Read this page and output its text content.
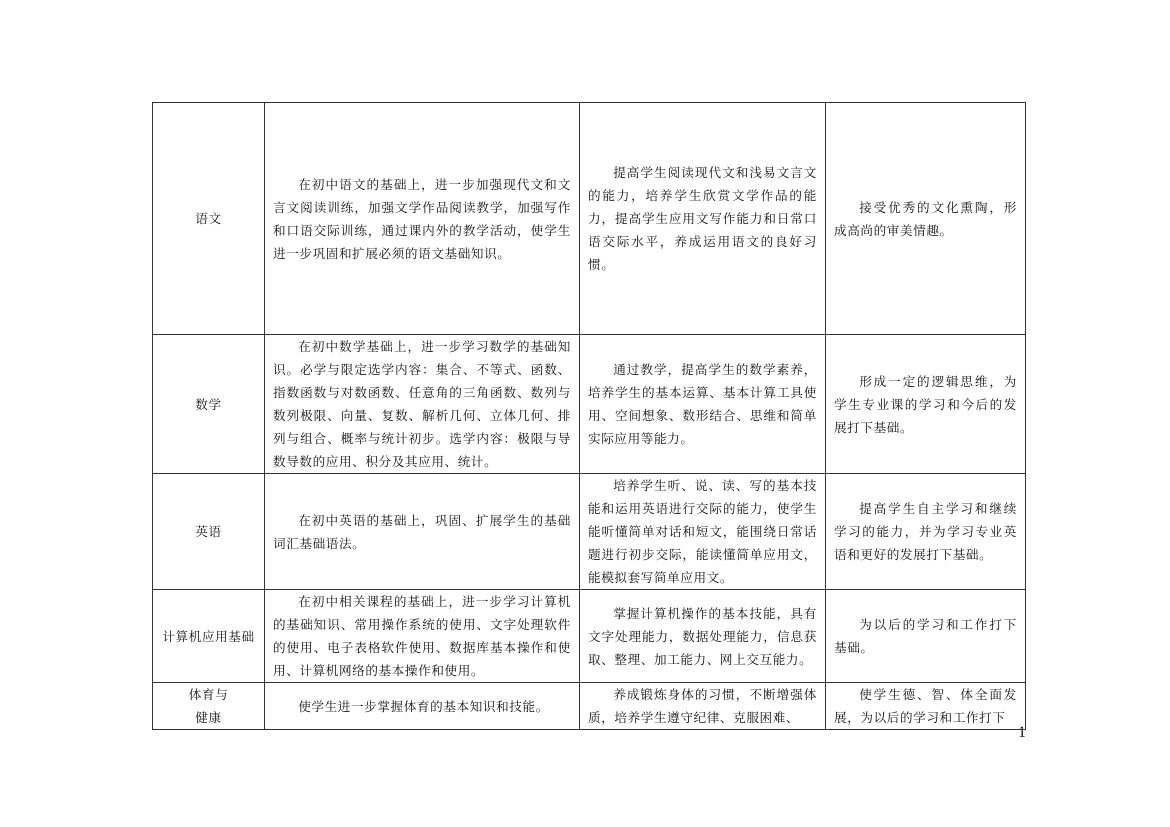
语文	在初中语文的基础上，进一步加强现代文和文言文阅读训练，加强文学作品阅读教学，加强写作和口语交际训练，通过课内外的教学活动，使学生进一步巩固和扩展必须的语文基础知识。	提高学生阅读现代文和浅易文言文的能力，培养学生欣赏文学作品的能力，提高学生应用文写作能力和日常口语交际水平，养成运用语文的良好习惯。	接受优秀的文化熏陶，形成高尚的审美情趣。

数学	在初中数学基础上，进一步学习数学的基础知识。必学与限定选学内容：集合、不等式、函数、指数函数与对数函数、任意角的三角函数、数列与数列极限、向量、复数、解析几何、立体几何、排列与组合、概率与统计初步。选学内容：极限与导数导数的应用、积分及其应用、统计。	通过教学，提高学生的数学素养，培养学生的基本运算、基本计算工具使用、空间想象、数形结合、思维和简单实际应用等能力。	形成一定的逻辑思维，为学生专业课的学习和今后的发展打下基础。

英语	在初中英语的基础上，巩固、扩展学生的基础词汇基础语法。	培养学生听、说、读、写的基本技能和运用英语进行交际的能力，使学生能听懂简单对话和短文，能围绕日常话题进行初步交际，能读懂简单应用文，能模拟套写简单应用文。	提高学生自主学习和继续学习的能力，并为学习专业英语和更好的发展打下基础。

计算机应用基础	在初中相关课程的基础上，进一步学习计算机的基础知识、常用操作系统的使用、文字处理软件的使用、电子表格软件使用、数据库基本操作和使用、计算机网络的基本操作和使用。	掌握计算机操作的基本技能，具有文字处理能力，数据处理能力，信息获取、整理、加工能力、网上交互能力。	为以后的学习和工作打下基础。

体育与
健康	使学生进一步掌握体育的基本知识和技能。	养成锻炼身体的习惯，不断增强体质，培养学生遵守纪律、克服困难、	使学生德、智、体全面发展，为以后的学习和工作打下
1
